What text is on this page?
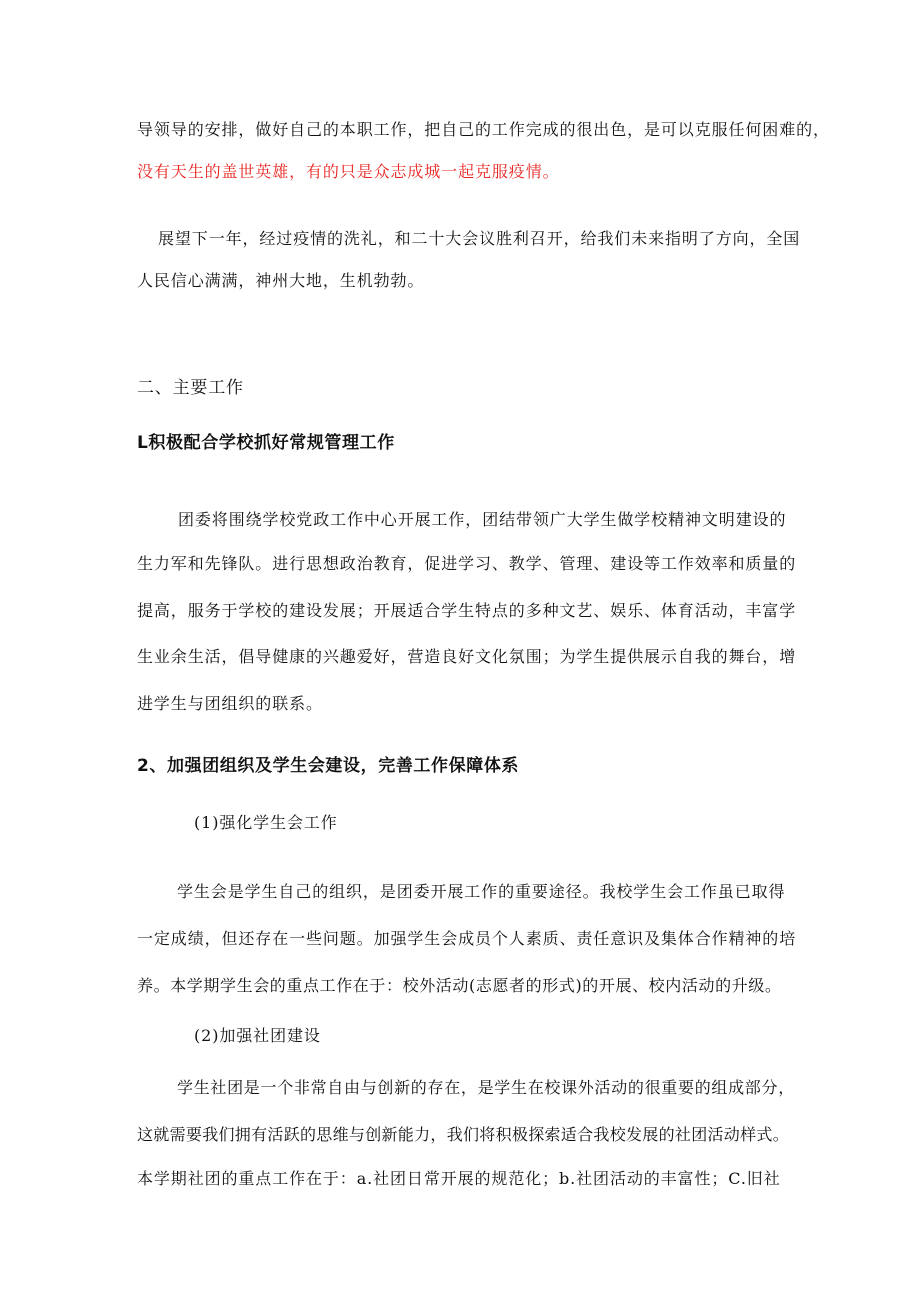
导领导的安排，做好自己的本职工作，把自己的工作完成的很出色，是可以克服任何困难的，
没有天生的盖世英雄，有的只是众志成城一起克服疫情。
展望下一年，经过疫情的洗礼，和二十大会议胜利召开，给我们未来指明了方向，全国
人民信心满满，神州大地，生机勃勃。
二、主要工作
L积极配合学校抓好常规管理工作
团委将围绕学校党政工作中心开展工作，团结带领广大学生做学校精神文明建设的
生力军和先锋队。进行思想政治教育，促进学习、教学、管理、建设等工作效率和质量的
提高，服务于学校的建设发展；开展适合学生特点的多种文艺、娱乐、体育活动，丰富学
生业余生活，倡导健康的兴趣爱好，营造良好文化氛围；为学生提供展示自我的舞台，增
进学生与团组织的联系。
2、加强团组织及学生会建设，完善工作保障体系
(1)强化学生会工作
学生会是学生自己的组织，是团委开展工作的重要途径。我校学生会工作虽已取得
一定成绩，但还存在一些问题。加强学生会成员个人素质、责任意识及集体合作精神的培
养。本学期学生会的重点工作在于：校外活动(志愿者的形式)的开展、校内活动的升级。
(2)加强社团建设
学生社团是一个非常自由与创新的存在，是学生在校课外活动的很重要的组成部分，
这就需要我们拥有活跃的思维与创新能力，我们将积极探索适合我校发展的社团活动样式。
本学期社团的重点工作在于：a.社团日常开展的规范化；b.社团活动的丰富性；C.旧社
